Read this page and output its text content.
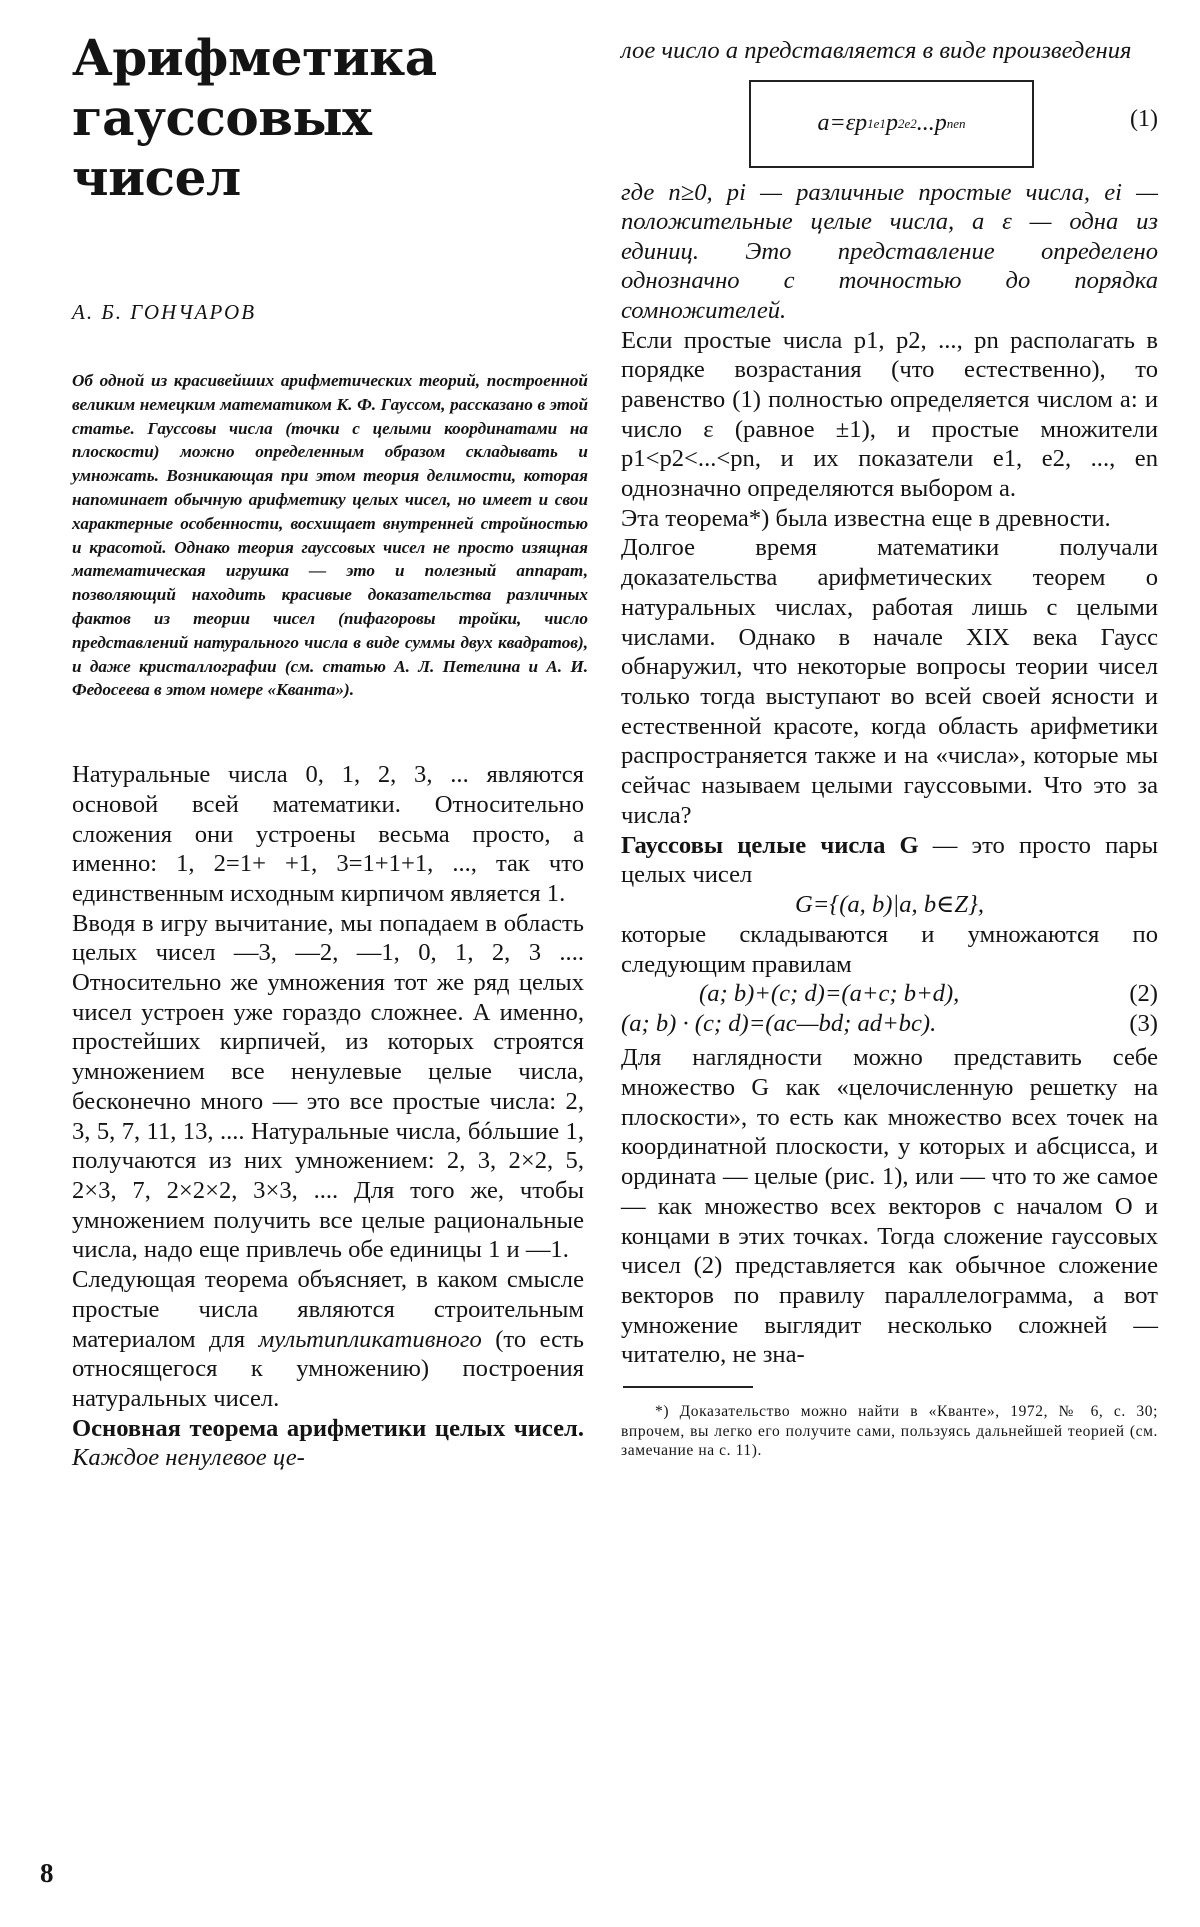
Арифметика
гауссовых
чисел
А. Б. ГОНЧАРОВ
Об одной из красивейших арифметических теорий, построенной великим немецким математиком К. Ф. Гауссом, рассказано в этой статье. Гауссовы числа (точки с целыми координатами на плоскости) можно определенным образом складывать и умножать. Возникающая при этом теория делимости, которая напоминает обычную арифметику целых чисел, но имеет и свои характерные особенности, восхищает внутренней стройностью и красотой. Однако теория гауссовых чисел не просто изящная математическая игрушка — это и полезный аппарат, позволяющий находить красивые доказательства различных фактов из теории чисел (пифагоровы тройки, число представлений натурального числа в виде суммы двух квадратов), и даже кристаллографии (см. статью А. Л. Петелина и А. И. Федосеева в этом номере «Кванта»).

Натуральные числа 0, 1, 2, 3, ... являются основой всей математики. Относительно сложения они устроены весьма просто, а именно: 1, 2=1+ +1, 3=1+1+1, ..., так что единственным исходным кирпичом является 1.

Вводя в игру вычитание, мы попадаем в область целых чисел —3, —2, —1, 0, 1, 2, 3 .... Относительно же умножения тот же ряд целых чисел устроен уже гораздо сложнее. А именно, простейших кирпичей, из которых строятся умножением все ненулевые целые числа, бесконечно много — это все простые числа: 2, 3, 5, 7, 11, 13, .... Натуральные числа, бóльшие 1, получаются из них умножением: 2, 3, 2×2, 5, 2×3, 7, 2×2×2, 3×3, .... Для того же, чтобы умножением получить все целые рациональные числа, надо еще привлечь обе единицы 1 и —1.

Следующая теорема объясняет, в каком смысле простые числа являются строительным материалом для мультипликативного (то есть относящегося к умножению) построения натуральных чисел.

Основная теорема арифметики целых чисел. Каждое ненулевое це-

лое число a представляется в виде произведения

a=εp 1 e1 p 2 e2 ...p n en	(1)

где n≥0, pi — различные простые числа, ei — положительные целые числа, а ε — одна из единиц. Это представление определено однозначно с точностью до порядка сомножителей.

Если простые числа p1, p2, ..., pn располагать в порядке возрастания (что естественно), то равенство (1) полностью определяется числом a: и число ε (равное ±1), и простые множители p1<p2<...<pn, и их показатели e1, e2, ..., en однозначно определяются выбором a.

Эта теорема*) была известна еще в древности.

Долгое время математики получали доказательства арифметических теорем о натуральных числах, работая лишь с целыми числами. Однако в начале XIX века Гаусс обнаружил, что некоторые вопросы теории чисел только тогда выступают во всей своей ясности и естественной красоте, когда область арифметики распространяется также и на «числа», которые мы сейчас называем целыми гауссовыми. Что это за числа?

Гауссовы целые числа G — это просто пары целых чисел

G={(a, b)|a, b∈Z},

которые складываются и умножаются по следующим правилам

(a; b)+(c; d)=(a+c; b+d),	(2)
(a; b) · (c; d)=(ac—bd; ad+bc).	(3)

Для наглядности можно представить себе множество G как «целочисленную решетку на плоскости», то есть как множество всех точек на координатной плоскости, у которых и абсцисса, и ордината — целые (рис. 1), или — что то же самое — как множество всех векторов с началом O и концами в этих точках. Тогда сложение гауссовых чисел (2) представляется как обычное сложение векторов по правилу параллелограмма, а вот умножение выглядит несколько сложней — читателю, не зна-

*) Доказательство можно найти в «Кванте», 1972, № 6, с. 30; впрочем, вы легко его получите сами, пользуясь дальнейшей теорией (см. замечание на с. 11).
8
